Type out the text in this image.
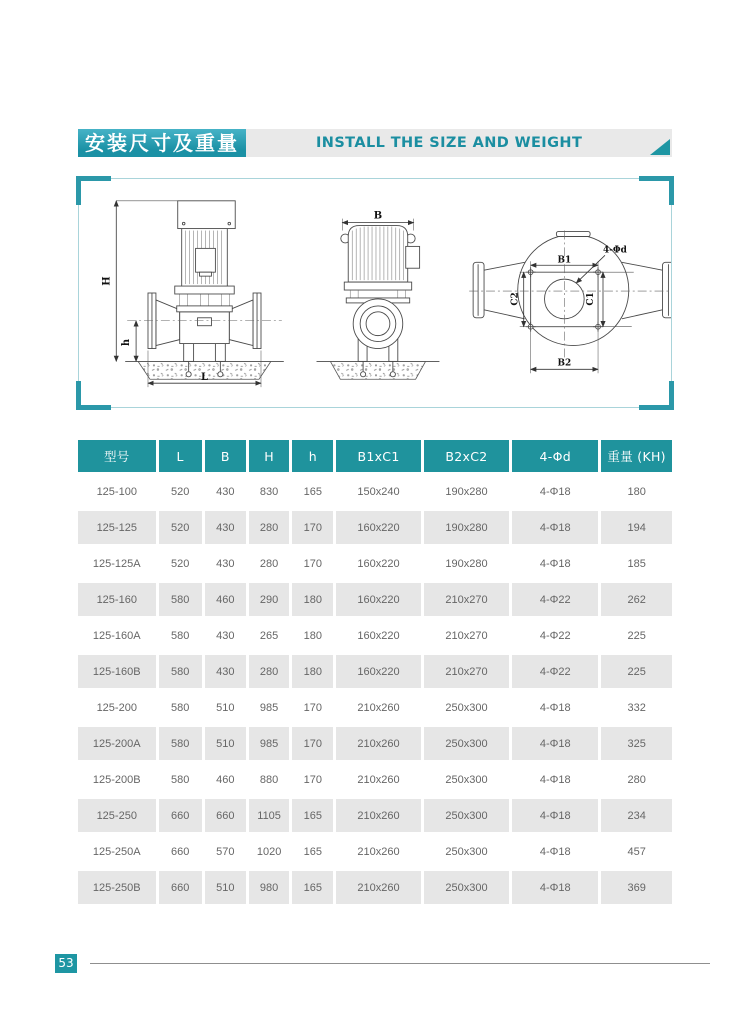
安装尺寸及重量	INSTALL THE SIZE AND WEIGHT
H
h
L
B
B1
4-Φd
C2	C1
B2
型号	L	B	H	h	B1xC1	B2xC2	4-Φd	重量 (KH)
125-100	520	430	830	165	150x240	190x280	4-Φ18	180
125-125	520	430	280	170	160x220	190x280	4-Φ18	194
125-125A	520	430	280	170	160x220	190x280	4-Φ18	185
125-160	580	460	290	180	160x220	210x270	4-Φ22	262
125-160A	580	430	265	180	160x220	210x270	4-Φ22	225
125-160B	580	430	280	180	160x220	210x270	4-Φ22	225
125-200	580	510	985	170	210x260	250x300	4-Φ18	332
125-200A	580	510	985	170	210x260	250x300	4-Φ18	325
125-200B	580	460	880	170	210x260	250x300	4-Φ18	280
125-250	660	660	1105	165	210x260	250x300	4-Φ18	234
125-250A	660	570	1020	165	210x260	250x300	4-Φ18	457
125-250B	660	510	980	165	210x260	250x300	4-Φ18	369
53
